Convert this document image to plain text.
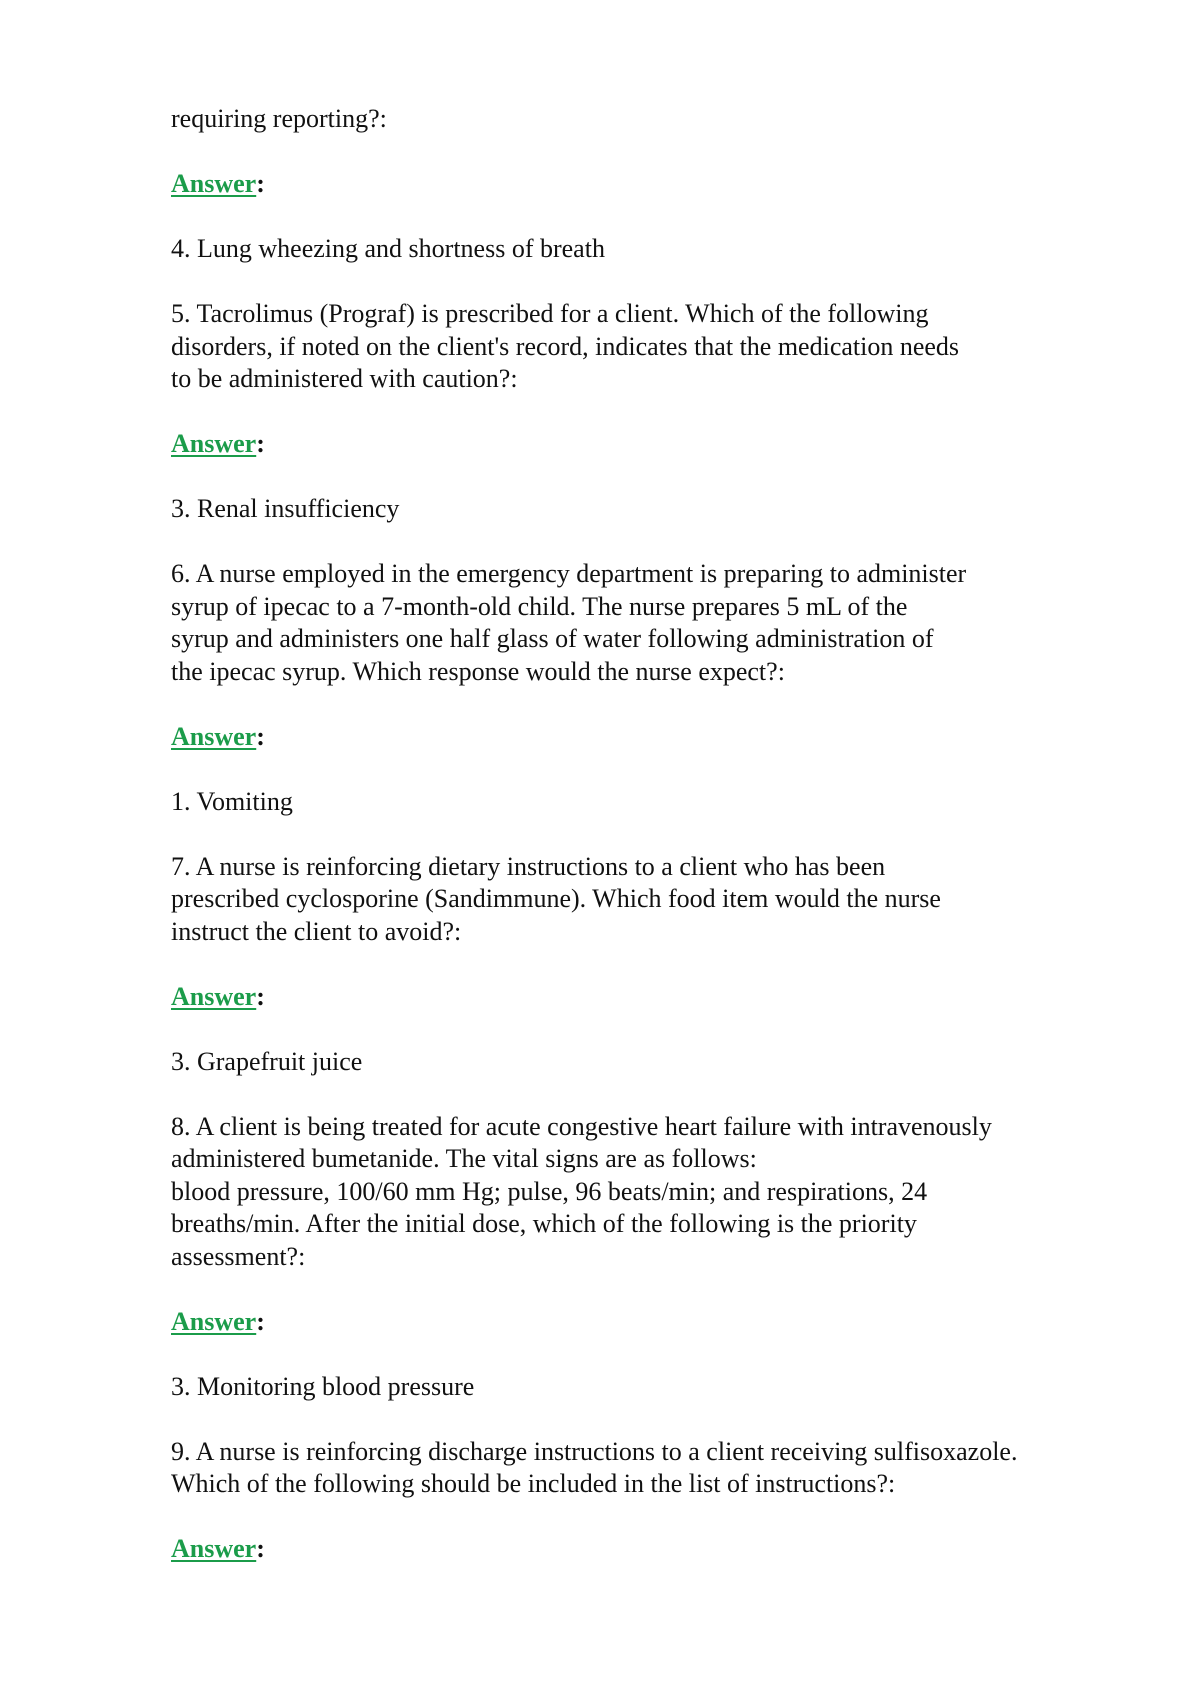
requiring reporting?:
Answer:
4. Lung wheezing and shortness of breath
5. Tacrolimus (Prograf) is prescribed for a client. Which of the following
disorders, if noted on the client's record, indicates that the medication needs
to be administered with caution?:
Answer:
3. Renal insufficiency
6. A nurse employed in the emergency department is preparing to administer
syrup of ipecac to a 7-month-old child. The nurse prepares 5 mL of the
syrup and administers one half glass of water following administration of
the ipecac syrup. Which response would the nurse expect?:
Answer:
1. Vomiting
7. A nurse is reinforcing dietary instructions to a client who has been
prescribed cyclosporine (Sandimmune). Which food item would the nurse
instruct the client to avoid?:
Answer:
3. Grapefruit juice
8. A client is being treated for acute congestive heart failure with intravenously
administered bumetanide. The vital signs are as follows:
blood pressure, 100/60 mm Hg; pulse, 96 beats/min; and respirations, 24
breaths/min. After the initial dose, which of the following is the priority
assessment?:
Answer:
3. Monitoring blood pressure
9. A nurse is reinforcing discharge instructions to a client receiving sulfisoxazole.
Which of the following should be included in the list of instructions?:
Answer:
